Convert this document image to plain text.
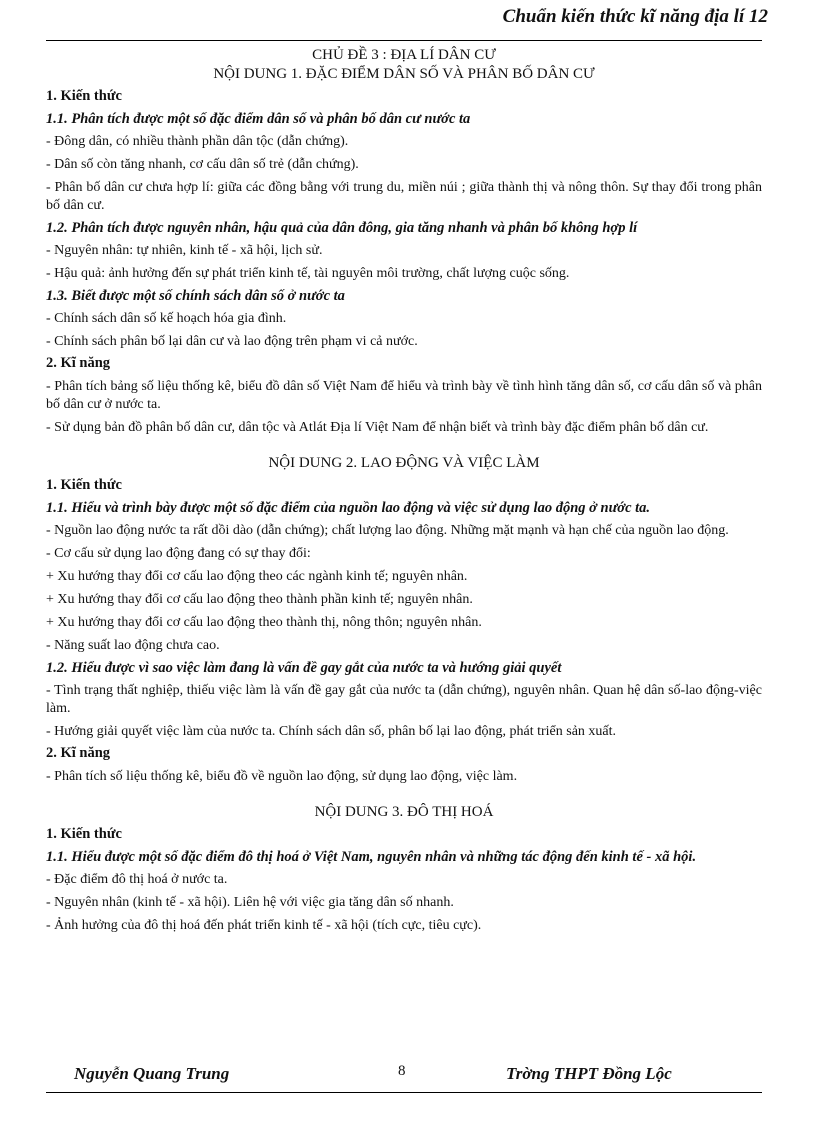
Chuẩn kiến thức kĩ năng địa lí 12
CHỦ ĐỀ 3 : ĐỊA LÍ DÂN CƯ
NỘI DUNG 1. ĐẶC ĐIỂM DÂN SỐ VÀ PHÂN BỐ DÂN CƯ
1. Kiến thức
1.1. Phân tích được một số đặc điểm dân số và phân bố dân cư nước ta
- Đông dân, có nhiều thành phần dân tộc (dẫn chứng).
- Dân số còn tăng nhanh, cơ cấu dân số trẻ (dẫn chứng).
- Phân bố dân cư chưa hợp lí: giữa các đồng bằng với trung du, miền núi ; giữa thành thị và nông thôn. Sự thay đổi trong phân bố dân cư.
1.2. Phân tích được nguyên nhân, hậu quả của dân đông, gia tăng nhanh và phân bố không hợp lí
- Nguyên nhân: tự nhiên, kinh tế - xã hội, lịch sử.
- Hậu quả: ảnh hưởng đến sự phát triển kinh tế, tài nguyên môi trường, chất lượng cuộc sống.
1.3. Biết được một số chính sách dân số ở nước ta
- Chính sách dân số kế hoạch hóa gia đình.
- Chính sách phân bố lại dân cư và lao động trên phạm vi cả nước.
2. Kĩ năng
- Phân tích bảng số liệu thống kê, biểu đồ dân số Việt Nam để hiểu và trình bày về tình hình tăng dân số, cơ cấu dân số và phân bố dân cư ở nước ta.
- Sử dụng bản đồ phân bố dân cư, dân tộc và Atlát Địa lí Việt Nam để nhận biết và trình bày đặc điểm phân bố dân cư.
NỘI DUNG 2. LAO ĐỘNG VÀ VIỆC LÀM
1. Kiến thức
1.1. Hiểu và trình bày được một số đặc điểm của nguồn lao động và việc sử dụng lao động ở nước ta.
- Nguồn lao động nước ta rất dồi dào (dẫn chứng); chất lượng lao động. Những mặt mạnh và hạn chế của nguồn lao động.
- Cơ cấu sử dụng lao động đang có sự thay đổi:
+ Xu hướng thay đổi cơ cấu lao động theo các ngành kinh tế; nguyên nhân.
+ Xu hướng thay đổi cơ cấu lao động theo thành phần kinh tế; nguyên nhân.
+ Xu hướng thay đổi cơ cấu lao động theo thành thị, nông thôn; nguyên nhân.
- Năng suất lao động chưa cao.
1.2. Hiểu được vì sao việc làm đang là vấn đề gay gắt của nước ta và hướng giải quyết
- Tình trạng thất nghiệp, thiếu việc làm là vấn đề gay gắt của nước ta (dẫn chứng), nguyên nhân. Quan hệ dân số-lao động-việc làm.
- Hướng giải quyết việc làm của nước ta. Chính sách dân số, phân bố lại lao động, phát triển sản xuất.
2. Kĩ năng
- Phân tích số liệu thống kê, biểu đồ về nguồn lao động, sử dụng lao động, việc làm.
NỘI DUNG 3. ĐÔ THỊ HOÁ
1. Kiến thức
1.1. Hiểu được một số đặc điểm đô thị hoá ở Việt Nam, nguyên nhân và những tác động đến kinh tế - xã hội.
- Đặc điểm đô thị hoá ở nước ta.
- Nguyên nhân (kinh tế - xã hội). Liên hệ với việc gia tăng dân số nhanh.
- Ảnh hưởng của đô thị hoá đến phát triển kinh tế - xã hội (tích cực, tiêu cực).
Nguyễn Quang Trung	8	Trờng THPT Đồng Lộc
